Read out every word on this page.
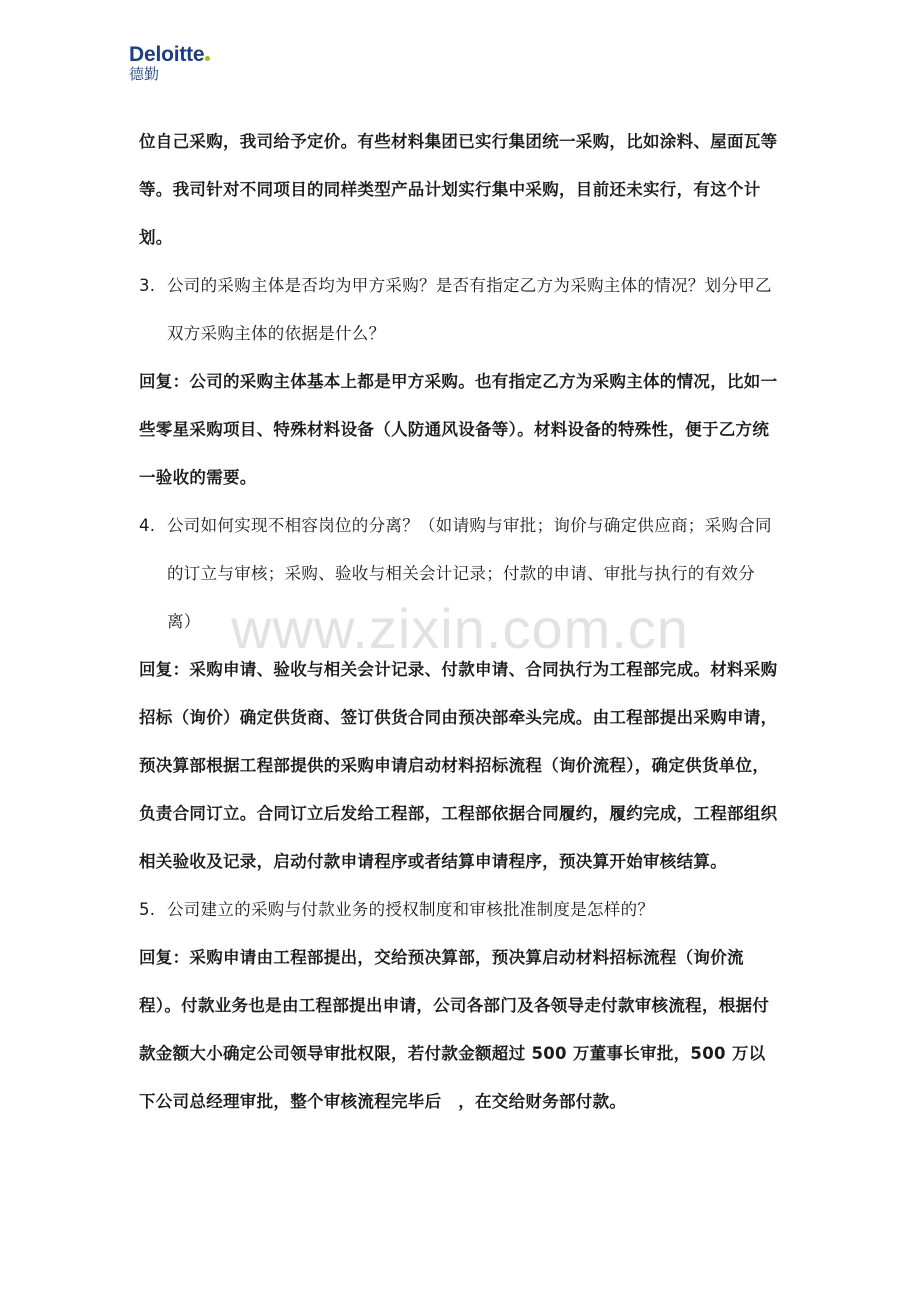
Deloitte
德勤

位自己采购，我司给予定价。有些材料集团已实行集团统一采购，比如涂料、屋面瓦等等。我司针对不同项目的同样类型产品计划实行集中采购，目前还未实行，有这个计划。

3. 公司的采购主体是否均为甲方采购？是否有指定乙方为采购主体的情况？划分甲乙双方采购主体的依据是什么？

回复：公司的采购主体基本上都是甲方采购。也有指定乙方为采购主体的情况，比如一些零星采购项目、特殊材料设备（人防通风设备等）。材料设备的特殊性，便于乙方统一验收的需要。

4. 公司如何实现不相容岗位的分离？（如请购与审批；询价与确定供应商；采购合同的订立与审核；采购、验收与相关会计记录；付款的申请、审批与执行的有效分离）

回复：采购申请、验收与相关会计记录、付款申请、合同执行为工程部完成。材料采购招标（询价）确定供货商、签订供货合同由预决部牵头完成。由工程部提出采购申请，预决算部根据工程部提供的采购申请启动材料招标流程（询价流程），确定供货单位，负责合同订立。合同订立后发给工程部，工程部依据合同履约，履约完成，工程部组织相关验收及记录，启动付款申请程序或者结算申请程序，预决算开始审核结算。

5. 公司建立的采购与付款业务的授权制度和审核批准制度是怎样的？

回复：采购申请由工程部提出，交给预决算部，预决算启动材料招标流程（询价流程）。付款业务也是由工程部提出申请，公司各部门及各领导走付款审核流程，根据付款金额大小确定公司领导审批权限，若付款金额超过 500 万董事长审批，500 万以下公司总经理审批，整个审核流程完毕后　，在交给财务部付款。

www.zixin.com.cn
